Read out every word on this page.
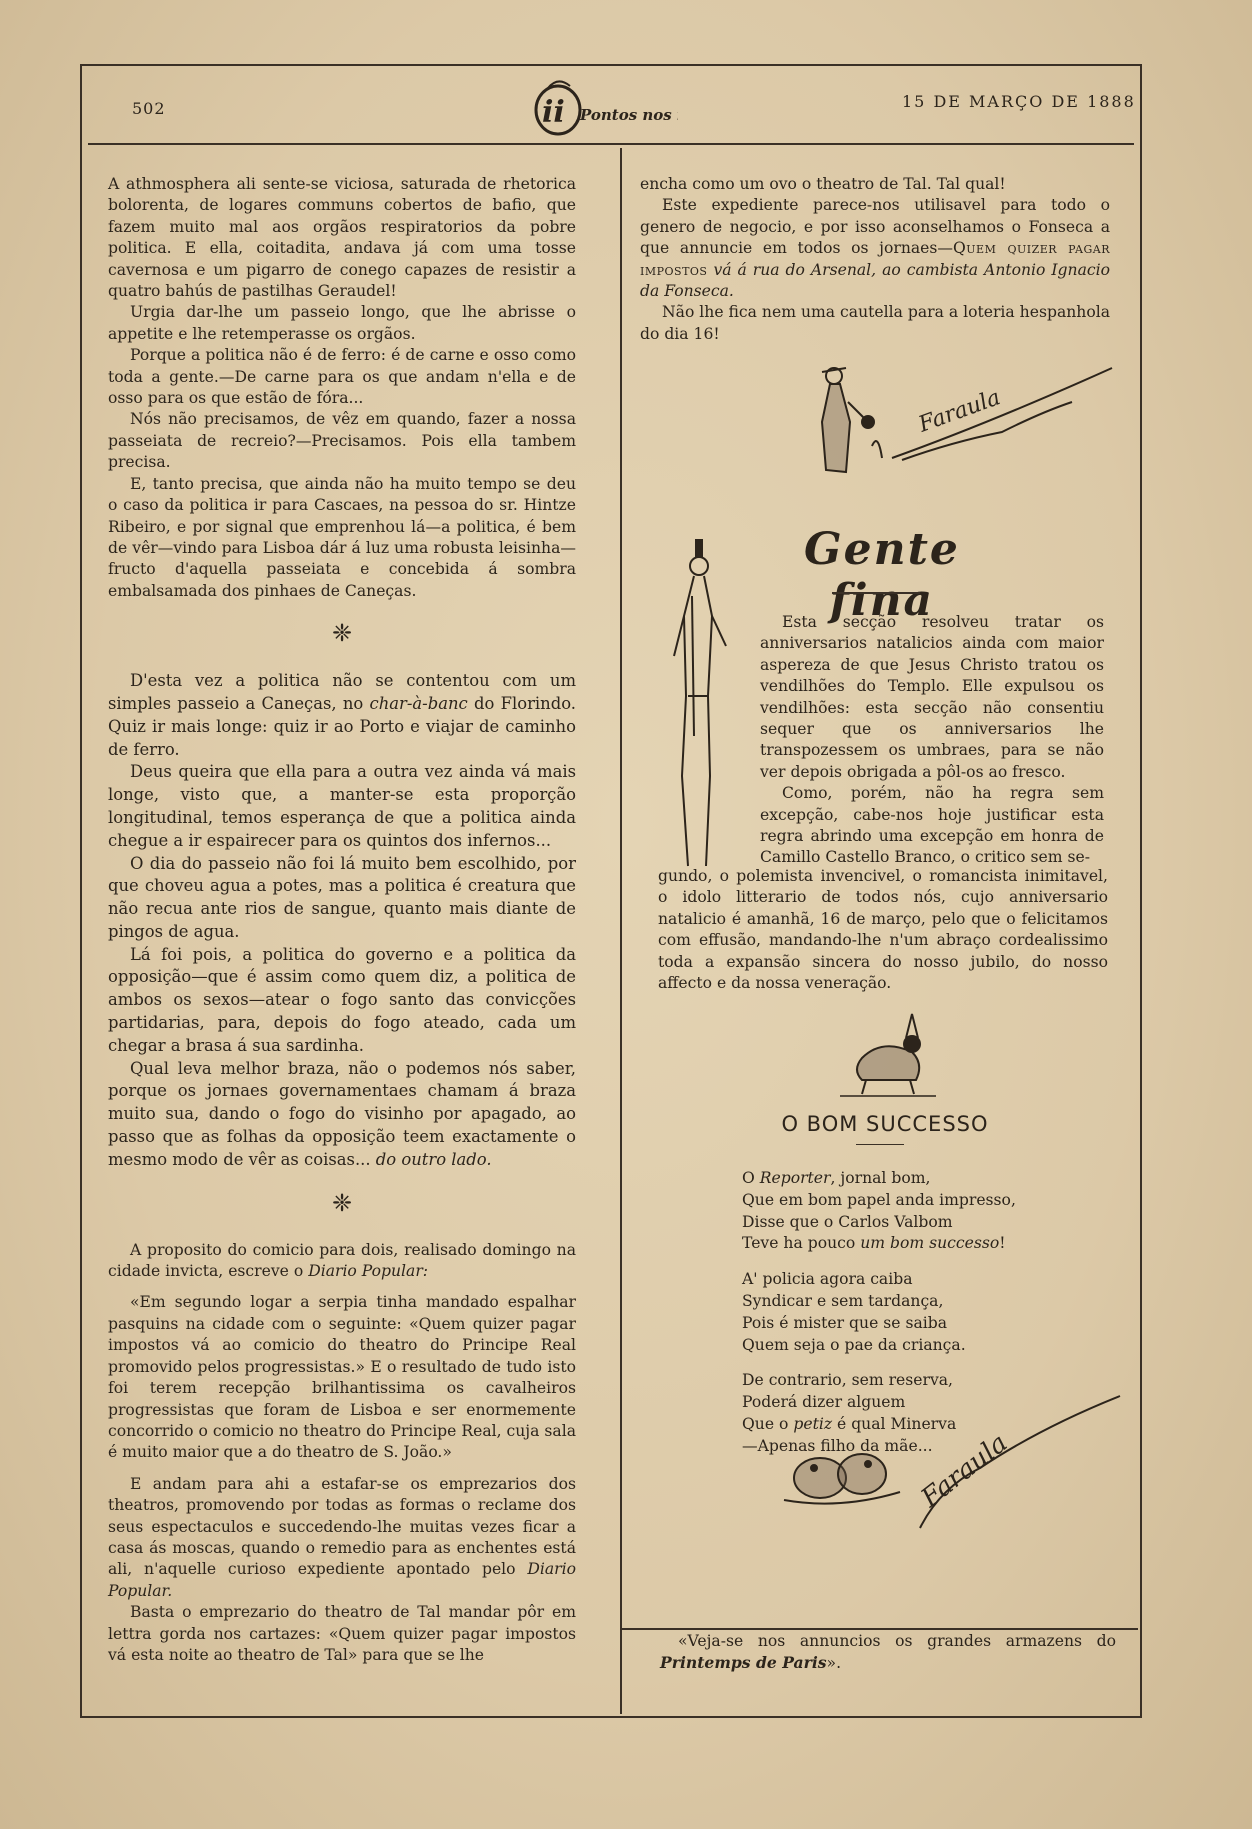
502	ii Pontos nos ii
15 DE MARÇO DE 1888

A athmosphera ali sente-se viciosa, saturada de rhetorica bolorenta, de logares communs cobertos de bafio, que fazem muito mal aos orgãos respiratorios da pobre politica. E ella, coitadita, andava já com uma tosse cavernosa e um pigarro de conego capazes de resistir a quatro bahús de pastilhas Geraudel!

Urgia dar-lhe um passeio longo, que lhe abrisse o appetite e lhe retemperasse os orgãos.

Porque a politica não é de ferro: é de carne e osso como toda a gente.—De carne para os que andam n'ella e de osso para os que estão de fóra...

Nós não precisamos, de vêz em quando, fazer a nossa passeiata de recreio?—Precisamos. Pois ella tambem precisa.

E, tanto precisa, que ainda não ha muito tempo se deu o caso da politica ir para Cascaes, na pessoa do sr. Hintze Ribeiro, e por signal que emprenhou lá—a politica, é bem de vêr—vindo para Lisboa dár á luz uma robusta leisinha—fructo d'aquella passeiata e concebida á sombra embalsamada dos pinhaes de Caneças.

❈

D'esta vez a politica não se contentou com um simples passeio a Caneças, no char-à-banc do Florindo. Quiz ir mais longe: quiz ir ao Porto e viajar de caminho de ferro.

Deus queira que ella para a outra vez ainda vá mais longe, visto que, a manter-se esta proporção longitudinal, temos esperança de que a politica ainda chegue a ir espairecer para os quintos dos infernos...

O dia do passeio não foi lá muito bem escolhido, por que choveu agua a potes, mas a politica é creatura que não recua ante rios de sangue, quanto mais diante de pingos de agua.

Lá foi pois, a politica do governo e a politica da opposição—que é assim como quem diz, a politica de ambos os sexos—atear o fogo santo das convicções partidarias, para, depois do fogo ateado, cada um chegar a brasa á sua sardinha.

Qual leva melhor braza, não o podemos nós saber, porque os jornaes governamentaes chamam á braza muito sua, dando o fogo do visinho por apagado, ao passo que as folhas da opposição teem exactamente o mesmo modo de vêr as coisas... do outro lado.

❈

A proposito do comicio para dois, realisado domingo na cidade invicta, escreve o Diario Popular:

«Em segundo logar a serpia tinha mandado espalhar pasquins na cidade com o seguinte: «Quem quizer pagar impostos vá ao comicio do theatro do Principe Real promovido pelos progressistas.» E o resultado de tudo isto foi terem recepção brilhantissima os cavalheiros progressistas que foram de Lisboa e ser enormemente concorrido o comicio no theatro do Principe Real, cuja sala é muito maior que a do theatro de S. João.»

E andam para ahi a estafar-se os emprezarios dos theatros, promovendo por todas as formas o reclame dos seus espectaculos e succedendo-lhe muitas vezes ficar a casa ás moscas, quando o remedio para as enchentes está ali, n'aquelle curioso expediente apontado pelo Diario Popular.

Basta o emprezario do theatro de Tal mandar pôr em lettra gorda nos cartazes: «Quem quizer pagar impostos vá esta noite ao theatro de Tal» para que se lhe

encha como um ovo o theatro de Tal. Tal qual!

Este expediente parece-nos utilisavel para todo o genero de negocio, e por isso aconselhamos o Fonseca a que annuncie em todos os jornaes—Quem quizer pagar impostos vá á rua do Arsenal, ao cambista Antonio Ignacio da Fonseca.

Não lhe fica nem uma cautella para a loteria hespanhola do dia 16!

Faraula
Gente fina

Esta secção resolveu tratar os anniversarios natalicios ainda com maior aspereza de que Jesus Christo tratou os vendilhões do Templo. Elle expulsou os vendilhões: esta secção não consentiu sequer que os anniversarios lhe transpozessem os umbraes, para se não ver depois obrigada a pôl-os ao fresco.

Como, porém, não ha regra sem excepção, cabe-nos hoje justificar esta regra abrindo uma excepção em honra de Camillo Castello Branco, o critico sem se-

gundo, o polemista invencivel, o romancista inimitavel, o idolo litterario de todos nós, cujo anniversario natalicio é amanhã, 16 de março, pelo que o felicitamos com effusão, mandando-lhe n'um abraço cordealissimo toda a expansão sincera do nosso jubilo, do nosso affecto e da nossa veneração.
O BOM SUCCESSO
O Reporter, jornal bom,
Que em bom papel anda impresso,
Disse que o Carlos Valbom
Teve ha pouco um bom successo!
A' policia agora caiba
Syndicar e sem tardança,
Pois é mister que se saiba
Quem seja o pae da criança.
De contrario, sem reserva,
Poderá dizer alguem
Que o petiz é qual Minerva
—Apenas filho da mãe...
Faraula

«Veja-se nos annuncios os grandes armazens do Printemps de Paris».
